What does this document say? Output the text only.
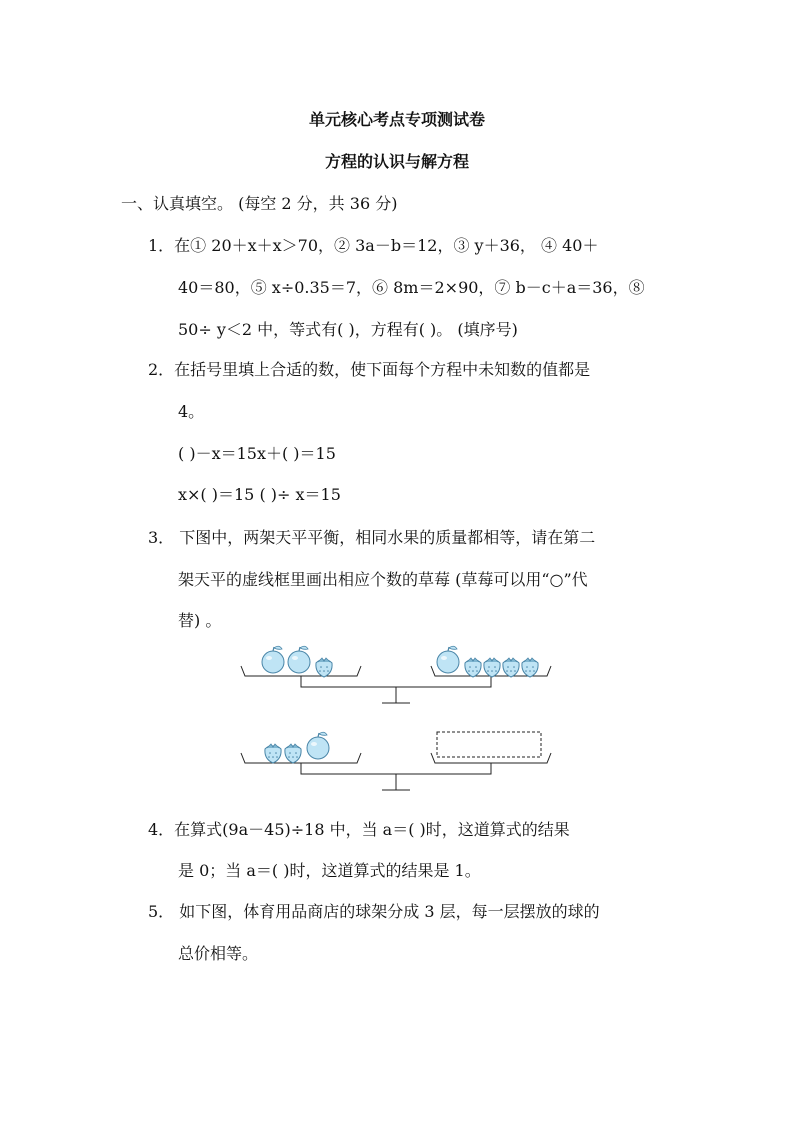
单元核心考点专项测试卷
方程的认识与解方程
一、认真填空。 (每空 2 分，共 36 分)
1．在① 20＋x＋x＞70，② 3a－b＝12，③ y＋36， ④ 40＋
40＝80，⑤ x÷0.35＝7，⑥ 8m＝2×90，⑦ b－c＋a＝36，⑧
50÷ y＜2 中，等式有( )，方程有( )。 (填序号)
2．在括号里填上合适的数，使下面每个方程中未知数的值都是
4。
( )－x＝15x＋( )＝15
x×( )＝15 ( )÷ x＝15
3． 下图中，两架天平平衡，相同水果的质量都相等，请在第二
架天平的虚线框里画出相应个数的草莓 (草莓可以用“○”代
替) 。
4．在算式(9a－45)÷18 中，当 a＝( )时，这道算式的结果
是 0；当 a＝( )时，这道算式的结果是 1。
5． 如下图，体育用品商店的球架分成 3 层，每一层摆放的球的
总价相等。
